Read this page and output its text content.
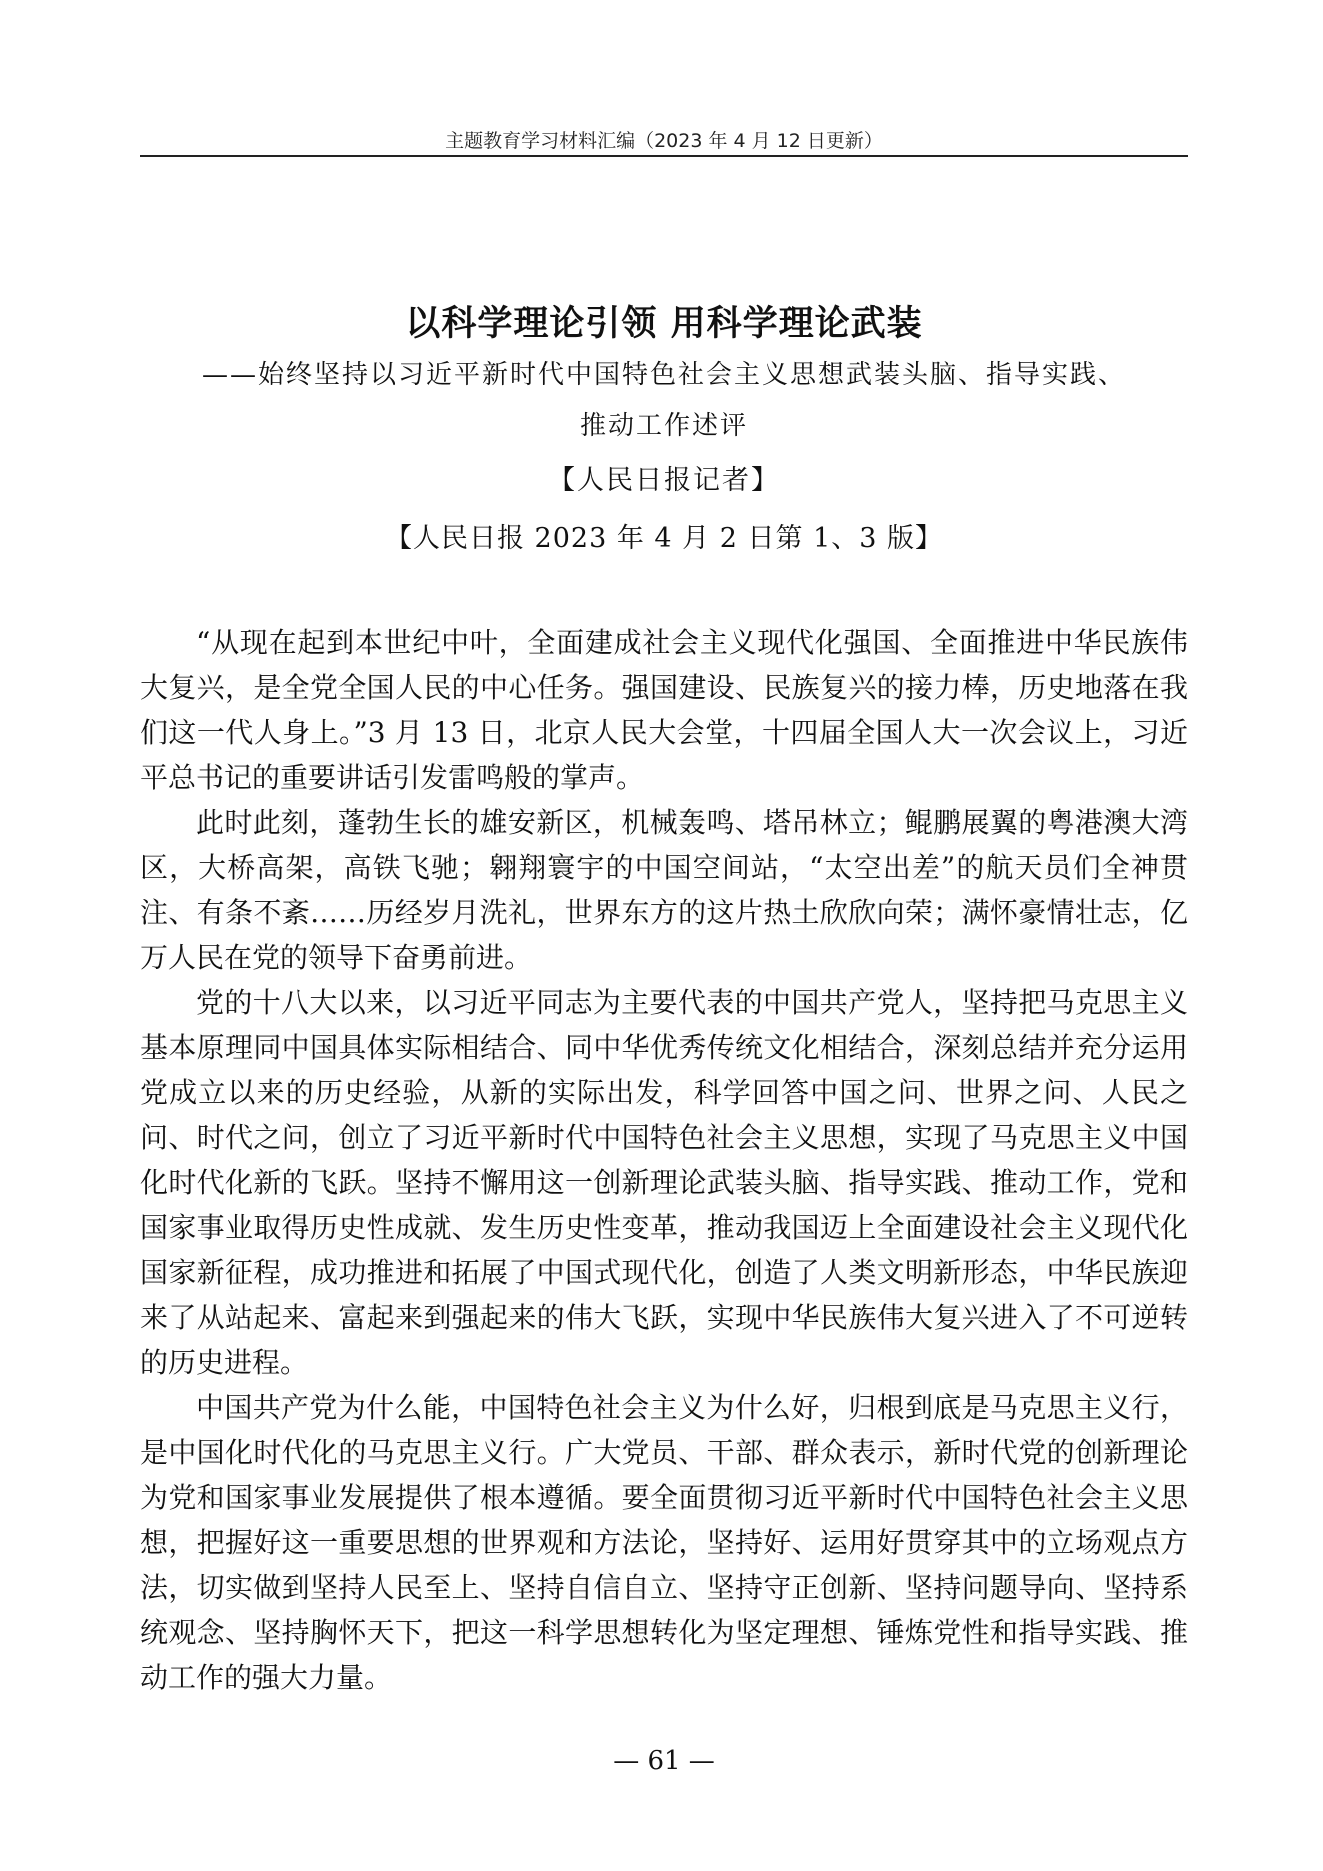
主题教育学习材料汇编（2023 年 4 月 12 日更新）
以科学理论引领 用科学理论武装

——始终坚持以习近平新时代中国特色社会主义思想武装头脑、指导实践、

推动工作述评

【人民日报记者】

【人民日报 2023 年 4 月 2 日第 1、3 版】

“从现在起到本世纪中叶，全面建成社会主义现代化强国、全面推进中华民族伟大复兴，是全党全国人民的中心任务。强国建设、民族复兴的接力棒，历史地落在我们这一代人身上。”3 月 13 日，北京人民大会堂，十四届全国人大一次会议上，习近平总书记的重要讲话引发雷鸣般的掌声。

此时此刻，蓬勃生长的雄安新区，机械轰鸣、塔吊林立；鲲鹏展翼的粤港澳大湾区，大桥高架，高铁飞驰；翱翔寰宇的中国空间站，“太空出差”的航天员们全神贯注、有条不紊……历经岁月洗礼，世界东方的这片热土欣欣向荣；满怀豪情壮志，亿万人民在党的领导下奋勇前进。

党的十八大以来，以习近平同志为主要代表的中国共产党人，坚持把马克思主义基本原理同中国具体实际相结合、同中华优秀传统文化相结合，深刻总结并充分运用党成立以来的历史经验，从新的实际出发，科学回答中国之问、世界之问、人民之问、时代之问，创立了习近平新时代中国特色社会主义思想，实现了马克思主义中国化时代化新的飞跃。坚持不懈用这一创新理论武装头脑、指导实践、推动工作，党和国家事业取得历史性成就、发生历史性变革，推动我国迈上全面建设社会主义现代化国家新征程，成功推进和拓展了中国式现代化，创造了人类文明新形态，中华民族迎来了从站起来、富起来到强起来的伟大飞跃，实现中华民族伟大复兴进入了不可逆转的历史进程。

中国共产党为什么能，中国特色社会主义为什么好，归根到底是马克思主义行，是中国化时代化的马克思主义行。广大党员、干部、群众表示，新时代党的创新理论为党和国家事业发展提供了根本遵循。要全面贯彻习近平新时代中国特色社会主义思想，把握好这一重要思想的世界观和方法论，坚持好、运用好贯穿其中的立场观点方法，切实做到坚持人民至上、坚持自信自立、坚持守正创新、坚持问题导向、坚持系统观念、坚持胸怀天下，把这一科学思想转化为坚定理想、锤炼党性和指导实践、推动工作的强大力量。

— 61 —
